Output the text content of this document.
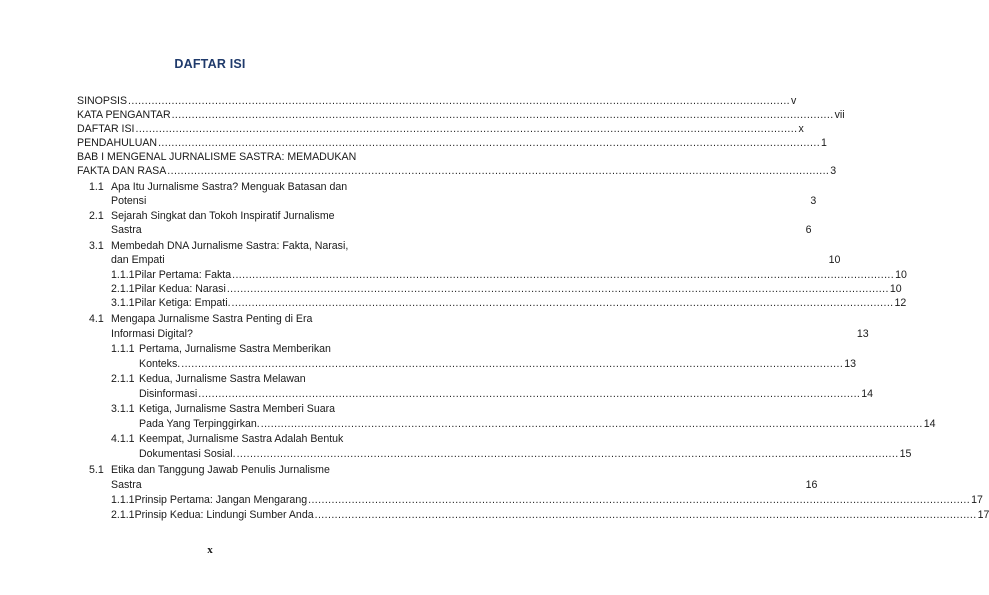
DAFTAR ISI
SINOPSIS .....	v
KATA PENGANTAR .....	vii
DAFTAR ISI .....	x
PENDAHULUAN .....	1
BAB I MENGENAL JURNALISME SASTRA: MEMADUKAN
FAKTA DAN RASA .....	3
1.1 Apa Itu Jurnalisme Sastra? Menguak Batasan dan
Potensi	3
2.1 Sejarah Singkat dan Tokoh Inspiratif Jurnalisme
Sastra	6
3.1 Membedah DNA Jurnalisme Sastra: Fakta, Narasi,
dan Empati	10
1.1.1 Pilar Pertama: Fakta .....	10
2.1.1 Pilar Kedua: Narasi .....	10
3.1.1 Pilar Ketiga: Empati. .....	12
4.1 Mengapa Jurnalisme Sastra Penting di Era
Informasi Digital?	13
1.1.1 Pertama, Jurnalisme Sastra Memberikan
Konteks. .....	13
2.1.1 Kedua, Jurnalisme Sastra Melawan
Disinformasi .....	14
3.1.1 Ketiga, Jurnalisme Sastra Memberi Suara
Pada Yang Terpinggirkan. .....	14
4.1.1 Keempat, Jurnalisme Sastra Adalah Bentuk
Dokumentasi Sosial. .....	15
5.1 Etika dan Tanggung Jawab Penulis Jurnalisme
Sastra	16
1.1.1 Prinsip Pertama: Jangan Mengarang .....	17
2.1.1 Prinsip Kedua: Lindungi Sumber Anda .....	17
x
